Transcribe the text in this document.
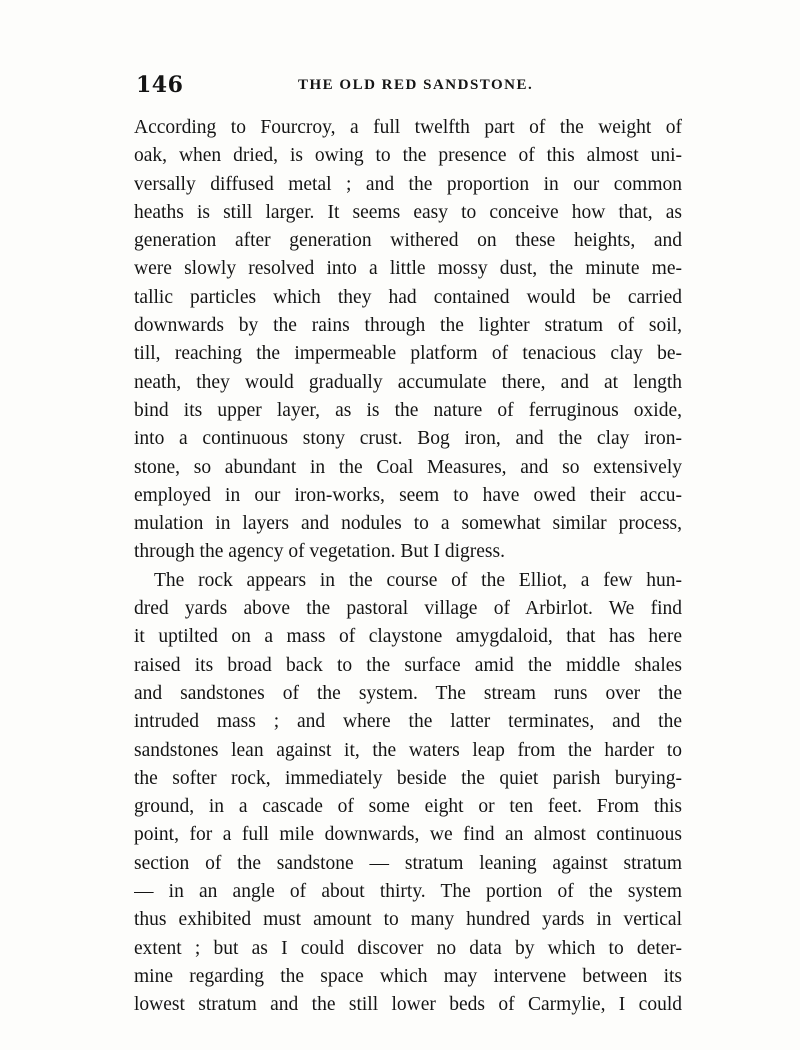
146	THE OLD RED SANDSTONE.
According to Fourcroy, a full twelfth part of the weight of
oak, when dried, is owing to the presence of this almost uni-
versally diffused metal ; and the proportion in our common
heaths is still larger. It seems easy to conceive how that, as
generation after generation withered on these heights, and
were slowly resolved into a little mossy dust, the minute me-
tallic particles which they had contained would be carried
downwards by the rains through the lighter stratum of soil,
till, reaching the impermeable platform of tenacious clay be-
neath, they would gradually accumulate there, and at length
bind its upper layer, as is the nature of ferruginous oxide,
into a continuous stony crust. Bog iron, and the clay iron-
stone, so abundant in the Coal Measures, and so extensively
employed in our iron-works, seem to have owed their accu-
mulation in layers and nodules to a somewhat similar process,
through the agency of vegetation. But I digress.
The rock appears in the course of the Elliot, a few hun-
dred yards above the pastoral village of Arbirlot. We find
it uptilted on a mass of claystone amygdaloid, that has here
raised its broad back to the surface amid the middle shales
and sandstones of the system. The stream runs over the
intruded mass ; and where the latter terminates, and the
sandstones lean against it, the waters leap from the harder to
the softer rock, immediately beside the quiet parish burying-
ground, in a cascade of some eight or ten feet. From this
point, for a full mile downwards, we find an almost continuous
section of the sandstone — stratum leaning against stratum
— in an angle of about thirty. The portion of the system
thus exhibited must amount to many hundred yards in vertical
extent ; but as I could discover no data by which to deter-
mine regarding the space which may intervene between its
lowest stratum and the still lower beds of Carmylie, I could
